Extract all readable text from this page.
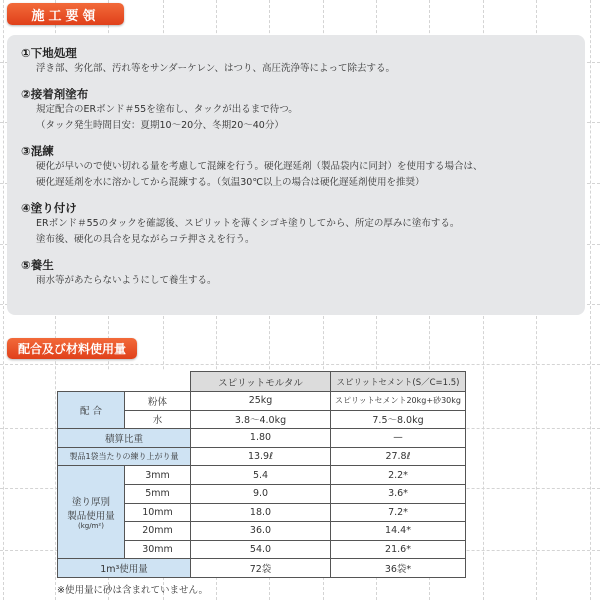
施工要領
①下地処理

浮き部、劣化部、汚れ等をサンダーケレン、はつり、高圧洗浄等によって除去する。

②接着剤塗布

規定配合のERボンド＃55を塗布し、タックが出るまで待つ。

（タック発生時間目安：夏期10〜20分、冬期20〜40分）

③混練

硬化が早いので使い切れる量を考慮して混練を行う。硬化遅延剤（製品袋内に同封）を使用する場合は、

硬化遅延剤を水に溶かしてから混練する。（気温30℃以上の場合は硬化遅延剤使用を推奨）

④塗り付け

ERボンド＃55のタックを確認後、スピリットを薄くシゴキ塗りしてから、所定の厚みに塗布する。

塗布後、硬化の具合を見ながらコテ押さえを行う。

⑤養生

雨水等があたらないようにして養生する。

配合及び材料使用量
		スピリットモルタル	スピリットセメント(S／C=1.5)
配 合	粉体	25kg	スピリットセメント20kg+砂30kg
	水	3.8〜4.0kg	7.5〜8.0kg
積算比重		1.80	—
製品1袋当たりの練り上がり量		13.9ℓ	27.8ℓ

塗り厚別
製品使用量
(kg/m²)	3mm	5.4	2.2*
	5mm	9.0	3.6*
	10mm	18.0	7.2*
	20mm	36.0	14.4*
	30mm	54.0	21.6*
1m³使用量		72袋	36袋*
※使用量に砂は含まれていません。
